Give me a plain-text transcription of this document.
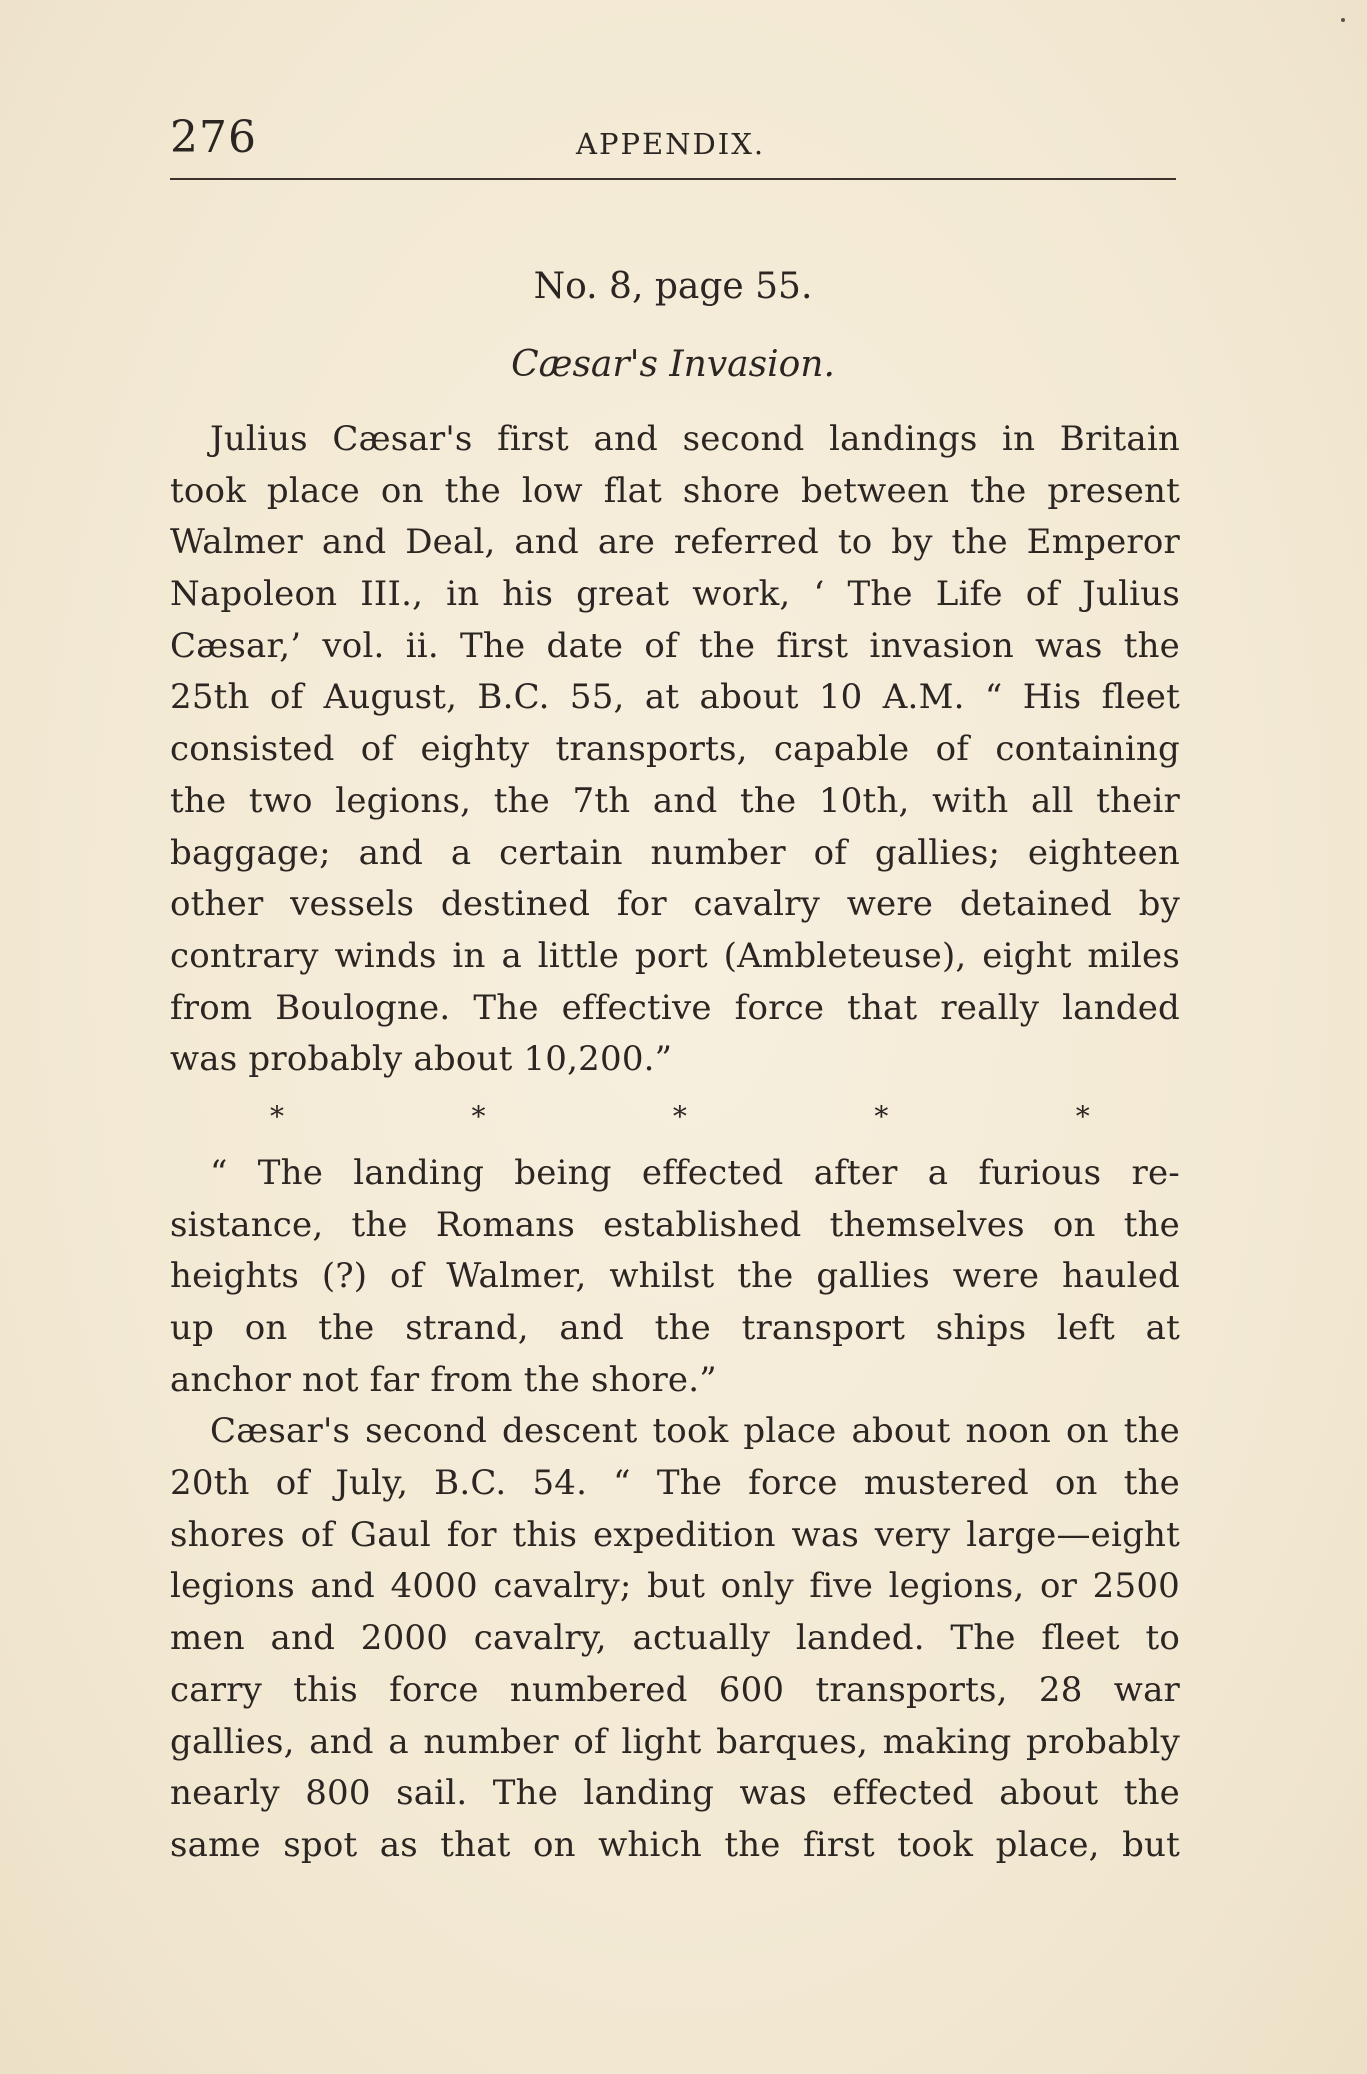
276	APPENDIX.
No. 8, page 55.
Cæsar's Invasion.
Julius Cæsar's first and second landings in Britain
took place on the low flat shore between the present
Walmer and Deal, and are referred to by the Emperor
Napoleon III., in his great work, ‘ The Life of Julius
Cæsar,’ vol. ii. The date of the first invasion was the
25th of August, B.C. 55, at about 10 A.M. “ His fleet
consisted of eighty transports, capable of containing
the two legions, the 7th and the 10th, with all their
baggage; and a certain number of gallies; eighteen
other vessels destined for cavalry were detained by
contrary winds in a little port (Ambleteuse), eight miles
from Boulogne. The effective force that really landed
was probably about 10,200.”
*	*	*	*	*
“ The landing being effected after a furious re-
sistance, the Romans established themselves on the
heights (?) of Walmer, whilst the gallies were hauled
up on the strand, and the transport ships left at
anchor not far from the shore.”
Cæsar's second descent took place about noon on the
20th of July, B.C. 54. “ The force mustered on the
shores of Gaul for this expedition was very large—eight
legions and 4000 cavalry; but only five legions, or 2500
men and 2000 cavalry, actually landed. The fleet to
carry this force numbered 600 transports, 28 war
gallies, and a number of light barques, making probably
nearly 800 sail. The landing was effected about the
same spot as that on which the first took place, but
